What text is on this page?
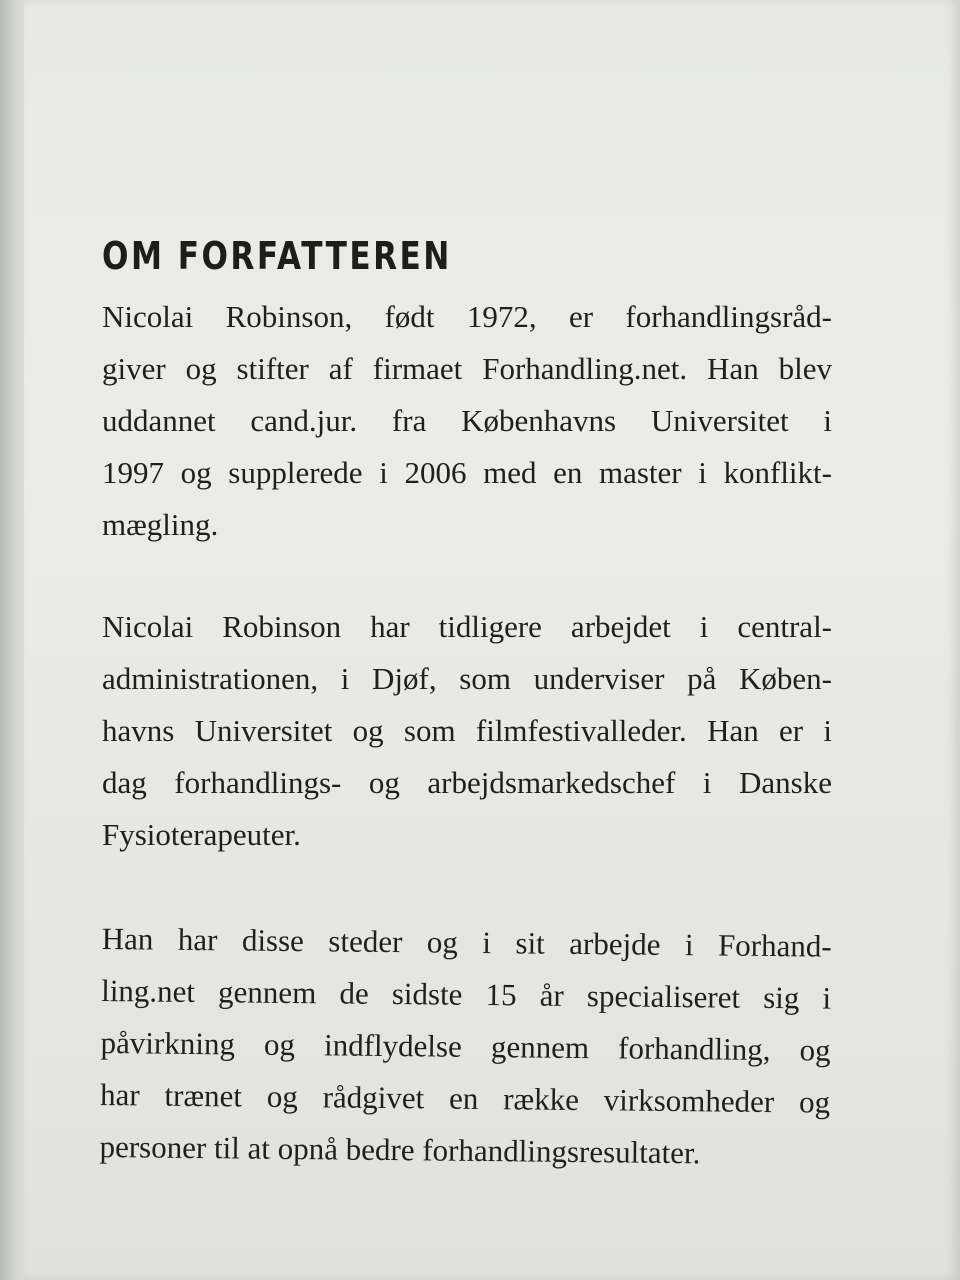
OM FORFATTEREN
Nicolai Robinson, født 1972, er forhandlingsråd-
giver og stifter af firmaet Forhandling.net. Han blev
uddannet cand.jur. fra Københavns Universitet i
1997 og supplerede i 2006 med en master i konflikt-
mægling.
Nicolai Robinson har tidligere arbejdet i central-
administrationen, i Djøf, som underviser på Køben-
havns Universitet og som filmfestivalleder. Han er i
dag forhandlings- og arbejdsmarkedschef i Danske
Fysioterapeuter.
Han har disse steder og i sit arbejde i Forhand-
ling.net gennem de sidste 15 år specialiseret sig i
påvirkning og indflydelse gennem forhandling, og
har trænet og rådgivet en række virksomheder og
personer til at opnå bedre forhandlingsresultater.
